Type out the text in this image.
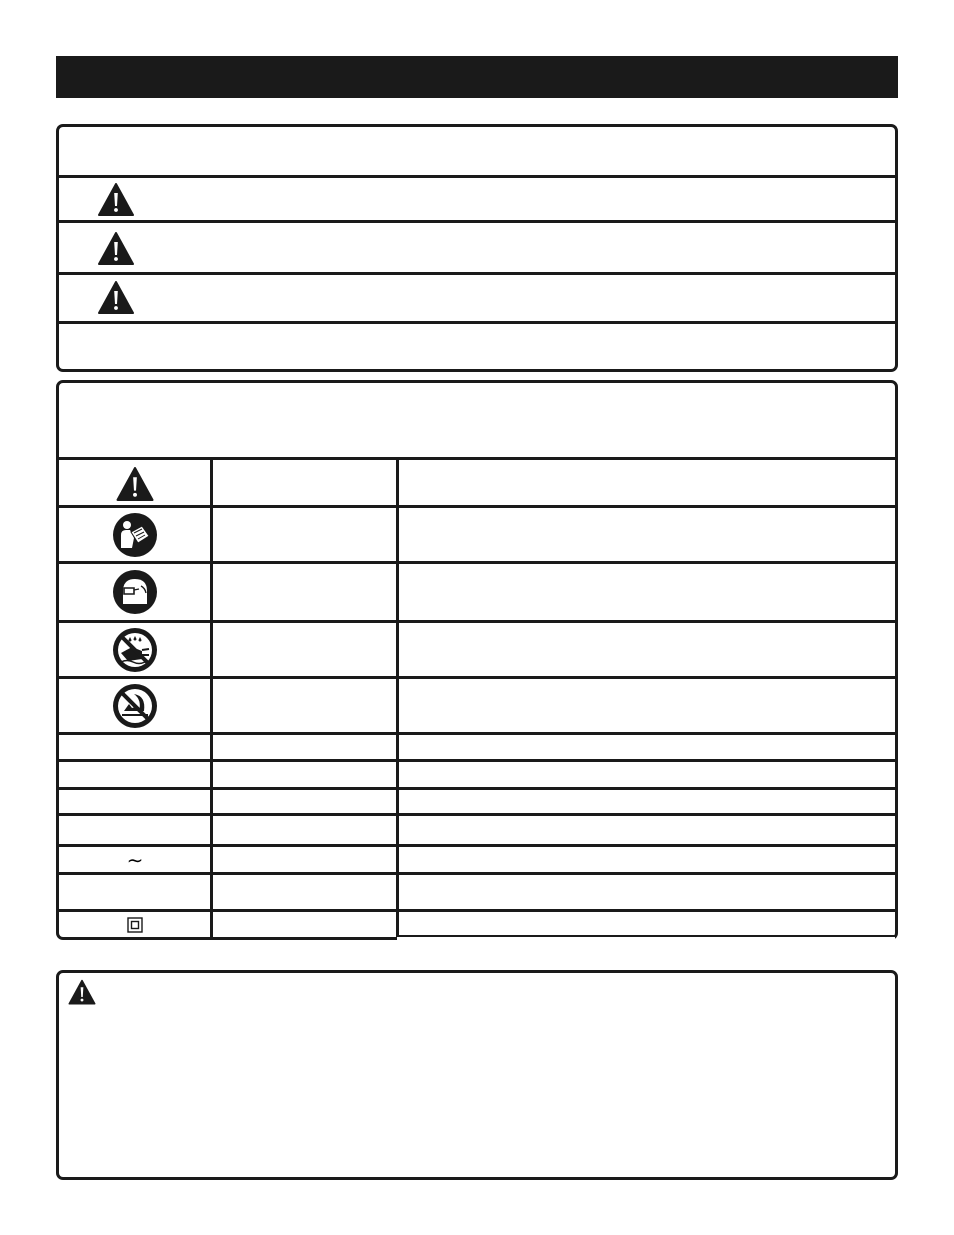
∼
